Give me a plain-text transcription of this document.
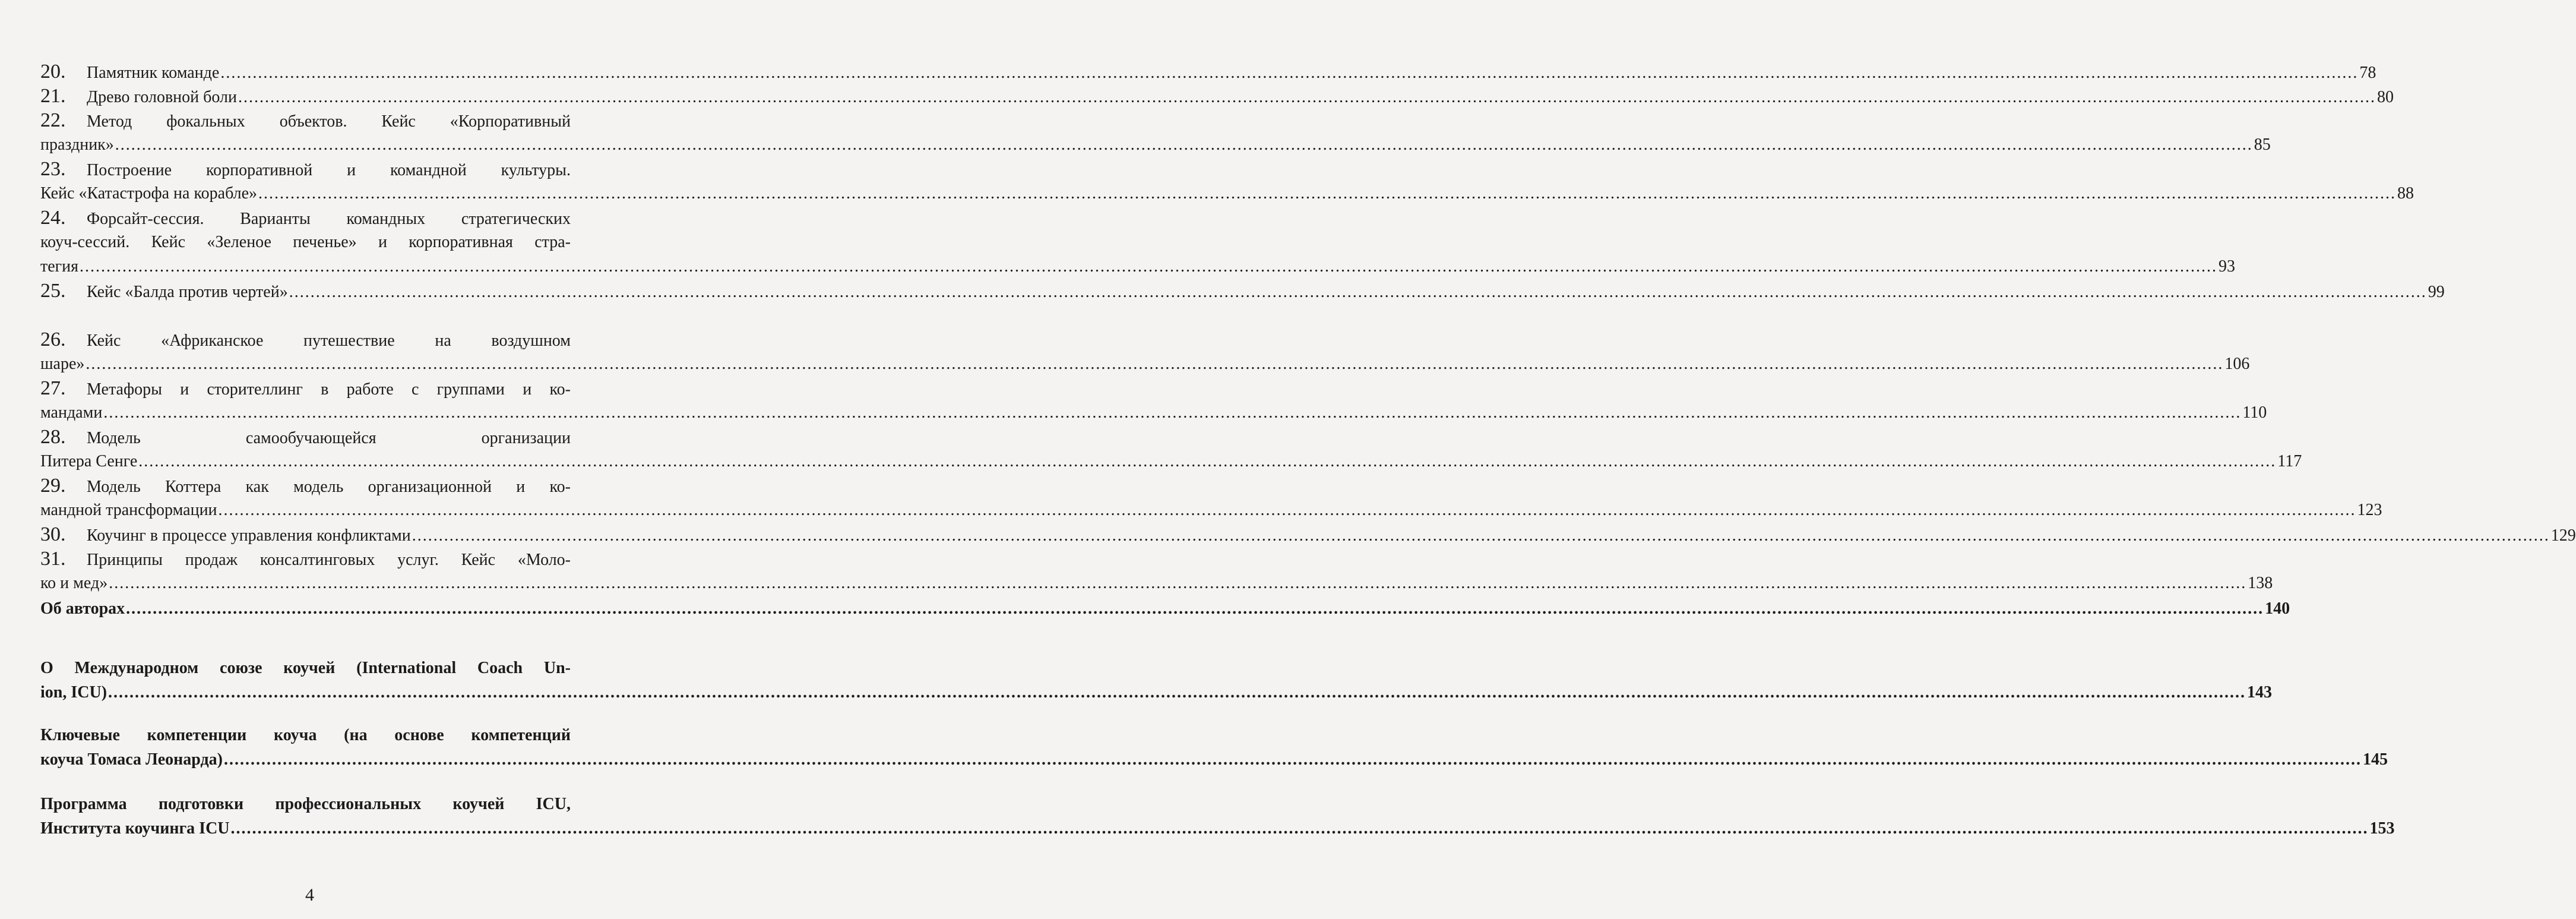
20. Памятник команде ................................................................................................................................................................................................................................................................................................................................................................................................................ 78
21. Древо головной боли ................................................................................................................................................................................................................................................................................................................................................................................................................ 80
22. Метод фокальных объектов. Кейс «Корпоративный
праздник» ................................................................................................................................................................................................................................................................................................................................................................................................................ 85
23. Построение корпоративной и командной культуры.
Кейс «Катастрофа на корабле» ................................................................................................................................................................................................................................................................................................................................................................................................................ 88
24. Форсайт-сессия. Варианты командных стратегических
коуч-сессий. Кейс «Зеленое печенье» и корпоративная стра-
тегия ................................................................................................................................................................................................................................................................................................................................................................................................................ 93
25. Кейс «Балда против чертей» ................................................................................................................................................................................................................................................................................................................................................................................................................ 99
26. Кейс «Африканское путешествие на воздушном
шаре» ................................................................................................................................................................................................................................................................................................................................................................................................................ 106
27. Метафоры и сторителлинг в работе с группами и ко-
мандами ................................................................................................................................................................................................................................................................................................................................................................................................................ 110
28. Модель самообучающейся организации
Питера Сенге ................................................................................................................................................................................................................................................................................................................................................................................................................ 117
29. Модель Коттера как модель организационной и ко-
мандной трансформации ................................................................................................................................................................................................................................................................................................................................................................................................................ 123
30. Коучинг в процессе управления конфликтами ................................................................................................................................................................................................................................................................................................................................................................................................................ 129
31. Принципы продаж консалтинговых услуг. Кейс «Моло-
ко и мед» ................................................................................................................................................................................................................................................................................................................................................................................................................ 138
Об авторах ................................................................................................................................................................................................................................................................................................................................................................................................................ 140
О Международном союзе коучей (International Coach Un-
ion, ICU) ................................................................................................................................................................................................................................................................................................................................................................................................................ 143
Ключевые компетенции коуча (на основе компетенций
коуча Томаса Леонарда) ................................................................................................................................................................................................................................................................................................................................................................................................................ 145
Программа подготовки профессиональных коучей ICU,
Института коучинга ICU ................................................................................................................................................................................................................................................................................................................................................................................................................ 153
4
